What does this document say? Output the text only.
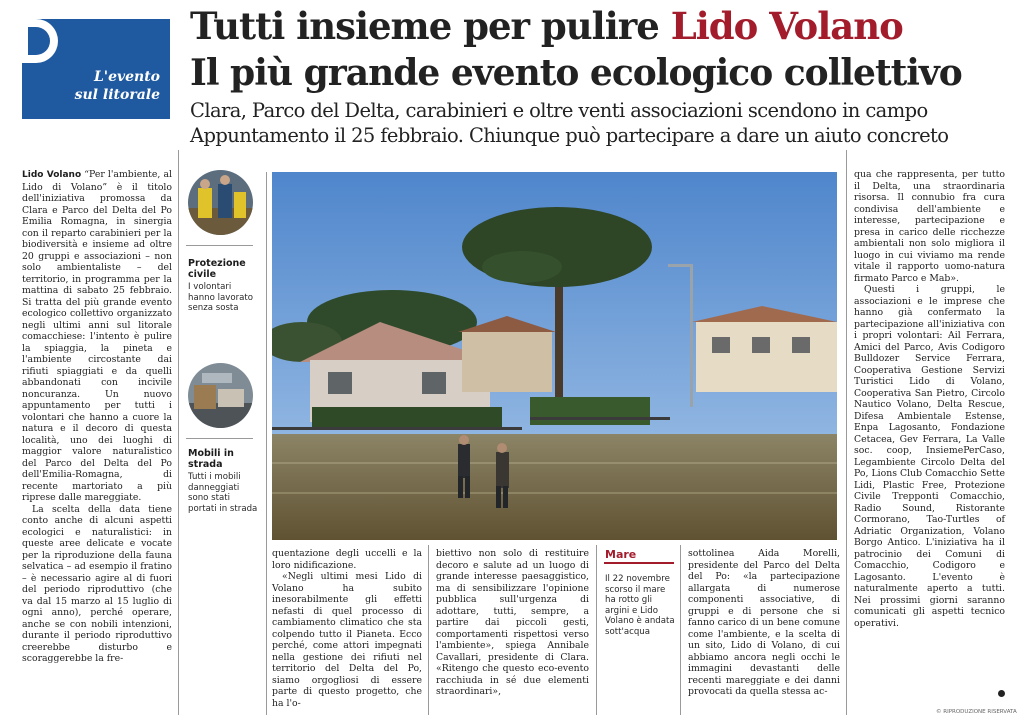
L'evento
sul litorale
Tutti insieme per pulire Lido Volano
Il più grande evento ecologico collettivo
Clara, Parco del Delta, carabinieri e oltre venti associazioni scendono in campo
Appuntamento il 25 febbraio. Chiunque può partecipare a dare un aiuto concreto

Lido Volano “Per l'ambiente, al Lido di Volano” è il titolo dell'iniziativa promossa da Clara e Parco del Delta del Po Emilia Romagna, in sinergia con il reparto carabinieri per la biodiversità e insieme ad oltre 20 gruppi e associazioni – non solo ambientaliste – del territorio, in programma per la mattina di sabato 25 febbraio. Si tratta del più grande evento ecologico collettivo organizzato negli ultimi anni sul litorale comacchiese: l'intento è pulire la spiaggia, la pineta e l'ambiente circostante dai rifiuti spiaggiati e da quelli abbandonati con incivile noncuranza. Un nuovo appuntamento per tutti i volontari che hanno a cuore la natura e il decoro di questa località, uno dei luoghi di maggior valore naturalistico del Parco del Delta del Po dell'Emilia-Romagna, di recente martoriato a più riprese dalle mareggiate.

La scelta della data tiene conto anche di alcuni aspetti ecologici e naturalistici: in queste aree delicate e vocate per la riproduzione della fauna selvatica – ad esempio il fratino – è necessario agire al di fuori del periodo riproduttivo (che va dal 15 marzo al 15 luglio di ogni anno), perché operare, anche se con nobili intenzioni, durante il periodo riproduttivo creerebbe disturbo e scoraggerebbe la fre-

Protezione civile
I volontari hanno lavorato senza sosta
Mobili in strada
Tutti i mobili danneggiati sono stati portati in strada

quentazione degli uccelli e la loro nidificazione.

«Negli ultimi mesi Lido di Volano ha subito inesorabilmente gli effetti nefasti di quel processo di cambiamento climatico che sta colpendo tutto il Pianeta. Ecco perché, come attori impegnati nella gestione dei rifiuti nel territorio del Delta del Po, siamo orgogliosi di essere parte di questo progetto, che ha l'o-

biettivo non solo di restituire decoro e salute ad un luogo di grande interesse paesaggistico, ma di sensibilizzare l'opinione pubblica sull'urgenza di adottare, tutti, sempre, a partire dai piccoli gesti, comportamenti rispettosi verso l'ambiente», spiega Annibale Cavallari, presidente di Clara. «Ritengo che questo eco-evento racchiuda in sé due elementi straordinari»,

Mare
Il 22 novembre scorso il mare ha rotto gli argini e Lido Volano è andata sott'acqua

sottolinea Aida Morelli, presidente del Parco del Delta del Po: «la partecipazione allargata di numerose componenti associative, di gruppi e di persone che si fanno carico di un bene comune come l'ambiente, e la scelta di un sito, Lido di Volano, di cui abbiamo ancora negli occhi le immagini devastanti delle recenti mareggiate e dei danni provocati da quella stessa ac-

qua che rappresenta, per tutto il Delta, una straordinaria risorsa. Il connubio fra cura condivisa dell'ambiente e interesse, partecipazione e presa in carico delle ricchezze ambientali non solo migliora il luogo in cui viviamo ma rende vitale il rapporto uomo-natura firmato Parco e Mab».

Questi i gruppi, le associazioni e le imprese che hanno già confermato la partecipazione all'iniziativa con i propri volontari: Ail Ferrara, Amici del Parco, Avis Codigoro Bulldozer Service Ferrara, Cooperativa Gestione Servizi Turistici Lido di Volano, Cooperativa San Pietro, Circolo Nautico Volano, Delta Rescue, Difesa Ambientale Estense, Enpa Lagosanto, Fondazione Cetacea, Gev Ferrara, La Valle soc. coop, InsiemePerCaso, Legambiente Circolo Delta del Po, Lions Club Comacchio Sette Lidi, Plastic Free, Protezione Civile Trepponti Comacchio, Radio Sound, Ristorante Cormorano, Tao-Turtles of Adriatic Organization, Volano Borgo Antico. L'iniziativa ha il patrocinio dei Comuni di Comacchio, Codigoro e Lagosanto. L'evento è naturalmente aperto a tutti. Nei prossimi giorni saranno comunicati gli aspetti tecnico operativi.

© RIPRODUZIONE RISERVATA
